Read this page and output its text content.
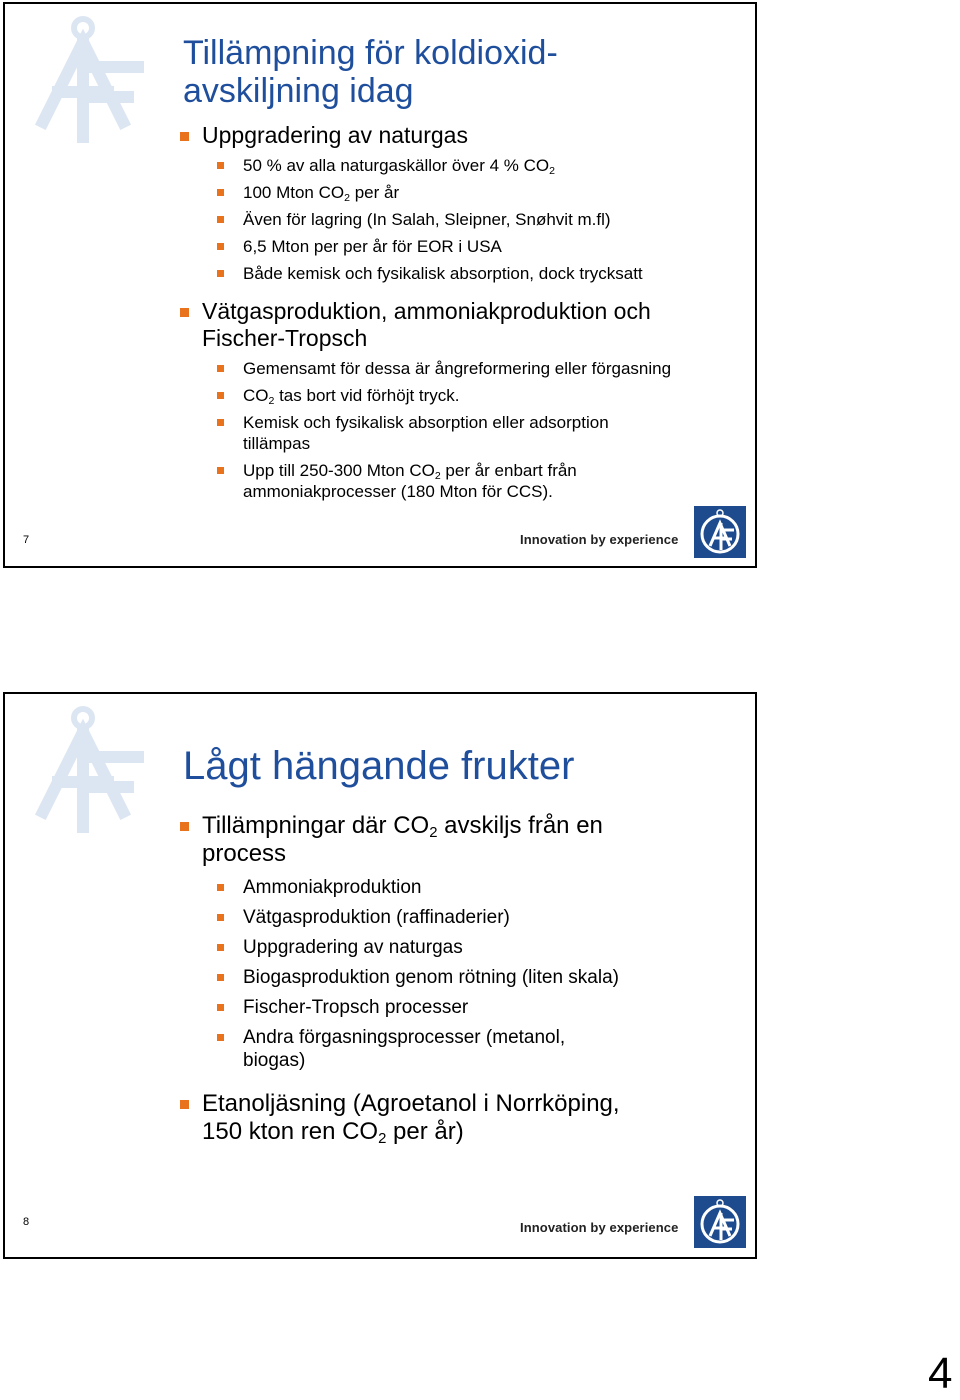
Tillämpning för koldioxid-
avskiljning idag
Uppgradering av naturgas
50 % av alla naturgaskällor över 4 % $CO_2$
100 Mton $CO_2$ per år
Även för lagring (In Salah, Sleipner, Snøhvit m.fl)
6,5 Mton per per år för EOR i USA
Både kemisk och fysikalisk absorption, dock trycksatt
Vätgasproduktion, ammoniakproduktion och
Fischer-Tropsch
Gemensamt för dessa är ångreformering eller förgasning
$CO_2$ tas bort vid förhöjt tryck.
Kemisk och fysikalisk absorption eller adsorption
tillämpas
Upp till 250-300 Mton $CO_2$ per år enbart från
ammoniakprocesser (180 Mton för CCS).
7	Innovation by experience
Lågt hängande frukter
Tillämpningar där $CO_2$ avskiljs från en
process
Ammoniakproduktion
Vätgasproduktion (raffinaderier)
Uppgradering av naturgas
Biogasproduktion genom rötning (liten skala)
Fischer-Tropsch processer
Andra förgasningsprocesser (metanol,
biogas)
Etanoljäsning (Agroetanol i Norrköping,
150 kton ren $CO_2$ per år)
8	Innovation by experience
4
